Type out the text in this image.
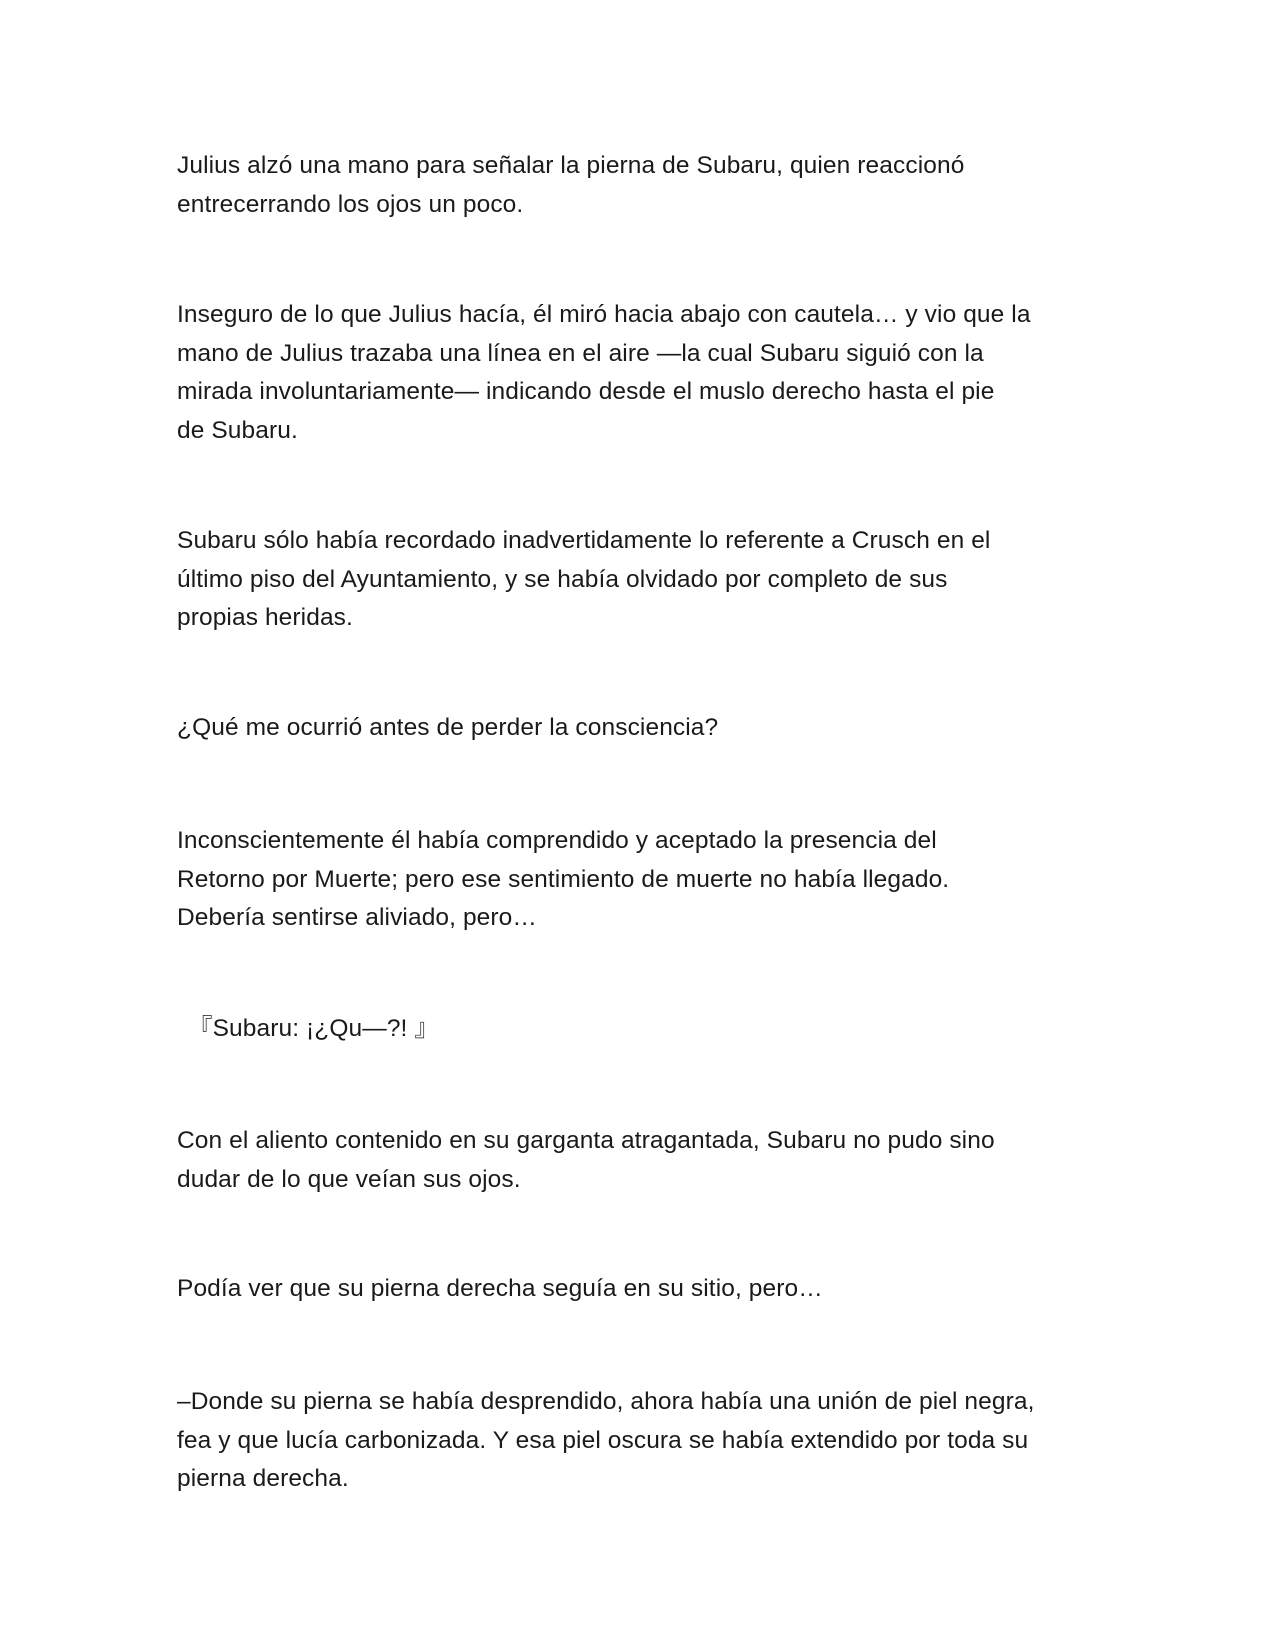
Julius alzó una mano para señalar la pierna de Subaru, quien reaccionó
entrecerrando los ojos un poco.

Inseguro de lo que Julius hacía, él miró hacia abajo con cautela… y vio que la
mano de Julius trazaba una línea en el aire —la cual Subaru siguió con la
mirada involuntariamente— indicando desde el muslo derecho hasta el pie
de Subaru.

Subaru sólo había recordado inadvertidamente lo referente a Crusch en el
último piso del Ayuntamiento, y se había olvidado por completo de sus
propias heridas.

¿Qué me ocurrió antes de perder la consciencia?

Inconscientemente él había comprendido y aceptado la presencia del
Retorno por Muerte; pero ese sentimiento de muerte no había llegado.
Debería sentirse aliviado, pero…

『Subaru: ¡¿Qu—?! 』

Con el aliento contenido en su garganta atragantada, Subaru no pudo sino
dudar de lo que veían sus ojos.

Podía ver que su pierna derecha seguía en su sitio, pero…

–Donde su pierna se había desprendido, ahora había una unión de piel negra,
fea y que lucía carbonizada. Y esa piel oscura se había extendido por toda su
pierna derecha.
